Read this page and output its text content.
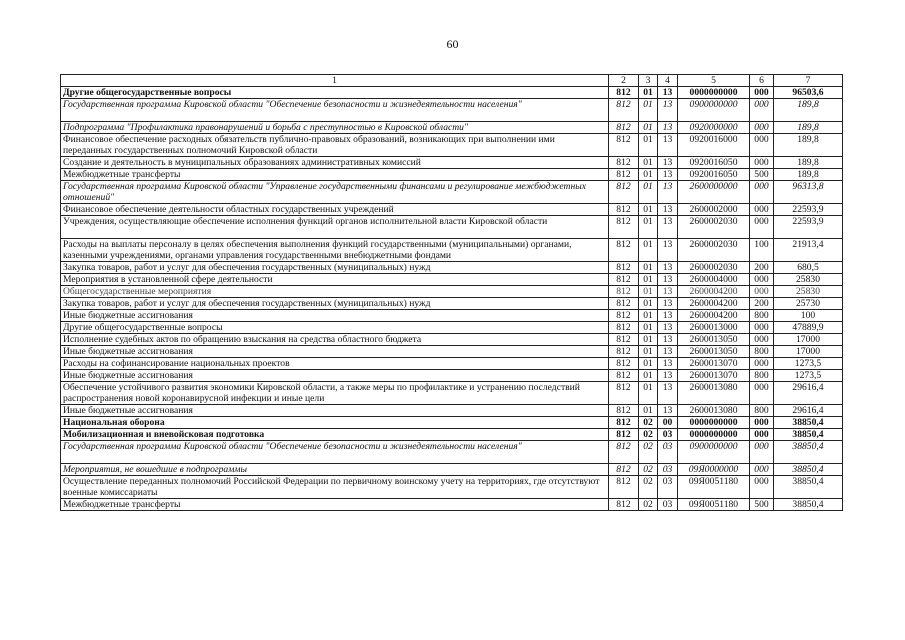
60
1	2	3	4	5	6	7
Другие общегосударственные вопросы	812	01	13	0000000000	000	96503,6
Государственная программа Кировской области "Обеспечение безопасности и жизнедеятельности населения"	812	01	13	0900000000	000	189,8
Подпрограмма "Профилактика правонарушений и борьба с преступностью в Кировской области"	812	01	13	0920000000	000	189,8
Финансовое обеспечение расходных обязательств публично-правовых образований, возникающих при выполнении ими переданных государственных полномочий Кировской области	812	01	13	0920016000	000	189,8
Создание и деятельность в муниципальных образованиях административных комиссий	812	01	13	0920016050	000	189,8
Межбюджетные трансферты	812	01	13	0920016050	500	189,8
Государственная программа Кировской области "Управление государственными финансами и регулирование межбюджетных отношений"	812	01	13	2600000000	000	96313,8
Финансовое обеспечение деятельности областных государственных учреждений	812	01	13	2600002000	000	22593,9
Учреждения, осуществляющие обеспечение исполнения функций органов исполнительной власти Кировской области	812	01	13	2600002030	000	22593,9
Расходы на выплаты персоналу в целях обеспечения выполнения функций государственными (муниципальными) органами, казенными учреждениями, органами управления государственными внебюджетными фондами	812	01	13	2600002030	100	21913,4
Закупка товаров, работ и услуг для обеспечения государственных (муниципальных) нужд	812	01	13	2600002030	200	680,5
Мероприятия в установленной сфере деятельности	812	01	13	2600004000	000	25830
Общегосударственные мероприятия	812	01	13	2600004200	000	25830
Закупка товаров, работ и услуг для обеспечения государственных (муниципальных) нужд	812	01	13	2600004200	200	25730
Иные бюджетные ассигнования	812	01	13	2600004200	800	100
Другие общегосударственные вопросы	812	01	13	2600013000	000	47889,9
Исполнение судебных актов по обращению взыскания на средства областного бюджета	812	01	13	2600013050	000	17000
Иные бюджетные ассигнования	812	01	13	2600013050	800	17000
Расходы на софинансирование национальных проектов	812	01	13	2600013070	000	1273,5
Иные бюджетные ассигнования	812	01	13	2600013070	800	1273,5
Обеспечение устойчивого развития экономики Кировской области, а также меры по профилактике и устранению последствий распространения новой коронавирусной инфекции и иные цели	812	01	13	2600013080	000	29616,4
Иные бюджетные ассигнования	812	01	13	2600013080	800	29616,4
Национальная оборона	812	02	00	0000000000	000	38850,4
Мобилизационная и вневойсковая подготовка	812	02	03	0000000000	000	38850,4
Государственная программа Кировской области "Обеспечение безопасности и жизнедеятельности населения"	812	02	03	0900000000	000	38850,4
Мероприятия, не вошедшие в подпрограммы	812	02	03	09Я0000000	000	38850,4
Осуществление переданных полномочий Российской Федерации по первичному воинскому учету на территориях, где отсутствуют военные комиссариаты	812	02	03	09Я0051180	000	38850,4
Межбюджетные трансферты	812	02	03	09Я0051180	500	38850,4
